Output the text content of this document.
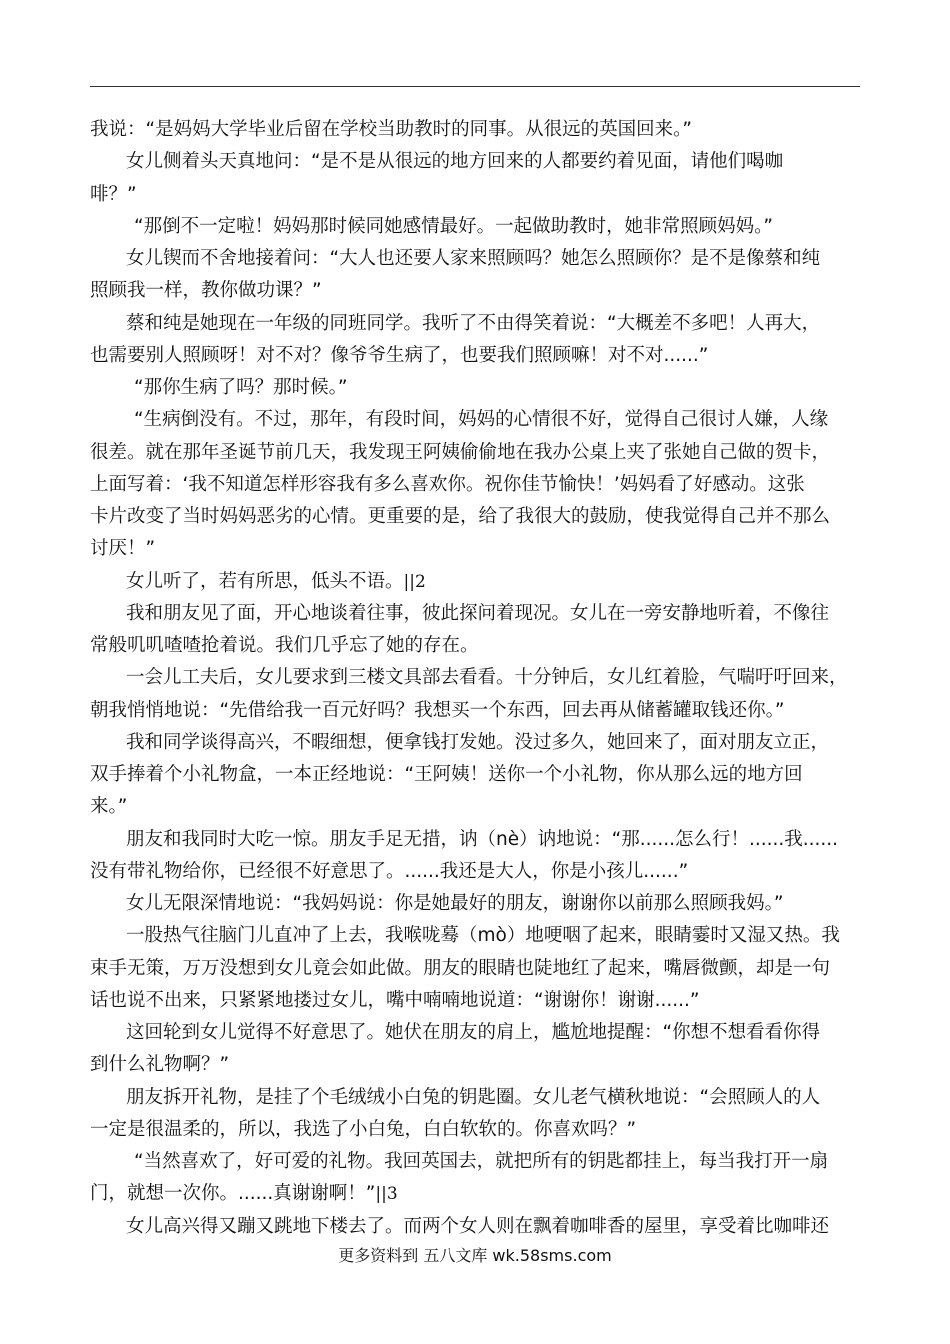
我说：“是妈妈大学毕业后留在学校当助教时的同事。从很远的英国回来。”
女儿侧着头天真地问：“是不是从很远的地方回来的人都要约着见面，请他们喝咖
啡？”
“那倒不一定啦！妈妈那时候同她感情最好。一起做助教时，她非常照顾妈妈。”
女儿锲而不舍地接着问：“大人也还要人家来照顾吗？她怎么照顾你？是不是像蔡和纯
照顾我一样，教你做功课？”
蔡和纯是她现在一年级的同班同学。我听了不由得笑着说：“大概差不多吧！人再大，
也需要别人照顾呀！对不对？像爷爷生病了，也要我们照顾嘛！对不对......”
“那你生病了吗？那时候。”
“生病倒没有。不过，那年，有段时间，妈妈的心情很不好，觉得自己很讨人嫌，人缘
很差。就在那年圣诞节前几天，我发现王阿姨偷偷地在我办公桌上夹了张她自己做的贺卡，
上面写着：‘我不知道怎样形容我有多么喜欢你。祝你佳节愉快！’妈妈看了好感动。这张
卡片改变了当时妈妈恶劣的心情。更重要的是，给了我很大的鼓励，使我觉得自己并不那么
讨厌！”
女儿听了，若有所思，低头不语。||2
我和朋友见了面，开心地谈着往事，彼此探问着现况。女儿在一旁安静地听着，不像往
常般叽叽喳喳抢着说。我们几乎忘了她的存在。
一会儿工夫后，女儿要求到三楼文具部去看看。十分钟后，女儿红着脸，气喘吁吁回来，
朝我悄悄地说：“先借给我一百元好吗？我想买一个东西，回去再从储蓄罐取钱还你。”
我和同学谈得高兴，不暇细想，便拿钱打发她。没过多久，她回来了，面对朋友立正，
双手捧着个小礼物盒，一本正经地说：“王阿姨！送你一个小礼物，你从那么远的地方回
来。”
朋友和我同时大吃一惊。朋友手足无措，讷（nè）讷地说：“那......怎么行！......我......
没有带礼物给你，已经很不好意思了。......我还是大人，你是小孩儿......”
女儿无限深情地说：“我妈妈说：你是她最好的朋友，谢谢你以前那么照顾我妈。”
一股热气往脑门儿直冲了上去，我喉咙蓦（mò）地哽咽了起来，眼睛霎时又湿又热。我
束手无策，万万没想到女儿竟会如此做。朋友的眼睛也陡地红了起来，嘴唇微颤，却是一句
话也说不出来，只紧紧地搂过女儿，嘴中喃喃地说道：“谢谢你！谢谢......”
这回轮到女儿觉得不好意思了。她伏在朋友的肩上，尴尬地提醒：“你想不想看看你得
到什么礼物啊？”
朋友拆开礼物，是挂了个毛绒绒小白兔的钥匙圈。女儿老气横秋地说：“会照顾人的人
一定是很温柔的，所以，我选了小白兔，白白软软的。你喜欢吗？”
“当然喜欢了，好可爱的礼物。我回英国去，就把所有的钥匙都挂上，每当我打开一扇
门，就想一次你。......真谢谢啊！”||3
女儿高兴得又蹦又跳地下楼去了。而两个女人则在飘着咖啡香的屋里，享受着比咖啡还
更多资料到 五八文库 wk.58sms.com
